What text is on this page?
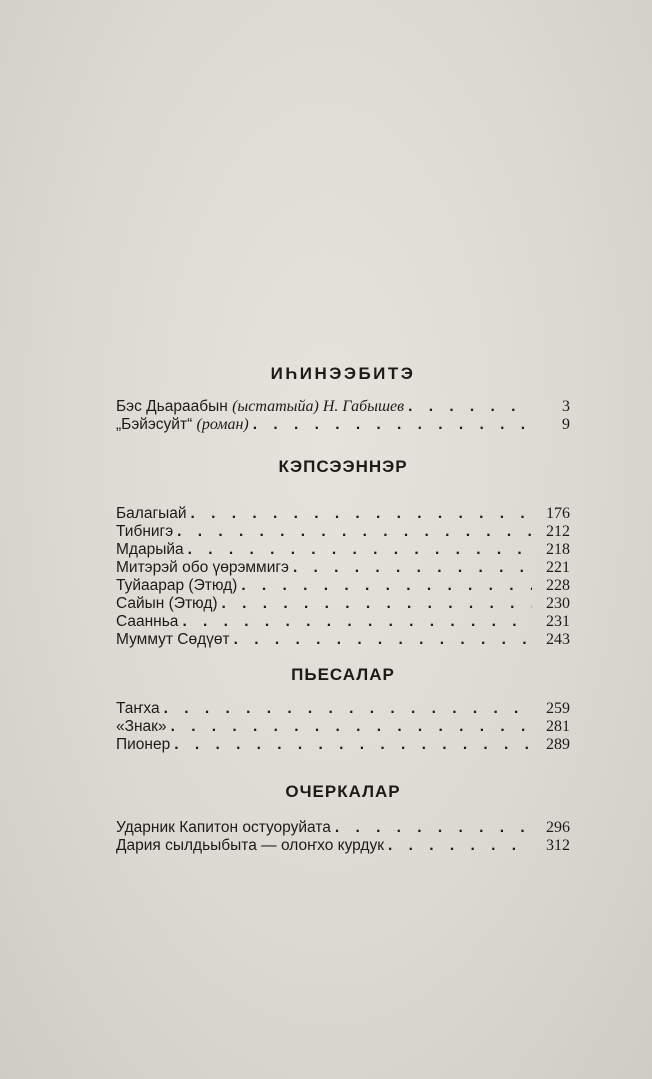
ИҺИНЭЭБИТЭ
Бэс Дьараабын (ыстатыйа) Н. Габышев . . .	3
„Бэйэсуйт“ (роман) . . .	9
КЭПСЭЭННЭР
Балагыай . . .	176
Тибнигэ . . .	212
Мдарыйа . . .	218
Митэрэй обо үөрэммигэ . . .	221
Туйаарар (Этюд) . . .	228
Сайын (Этюд) . . .	230
Саанньа . . .	231
Муммут Сөдүөт . . .	243
ПЬЕСАЛАР
Таҥха . . .	259
«Знак» . . .	281
Пионер . . .	289
ОЧЕРКАЛАР
Ударник Капитон остуоруйата . . .	296
Дария сылдьыбыта — олоҥхо курдук . . .	312
